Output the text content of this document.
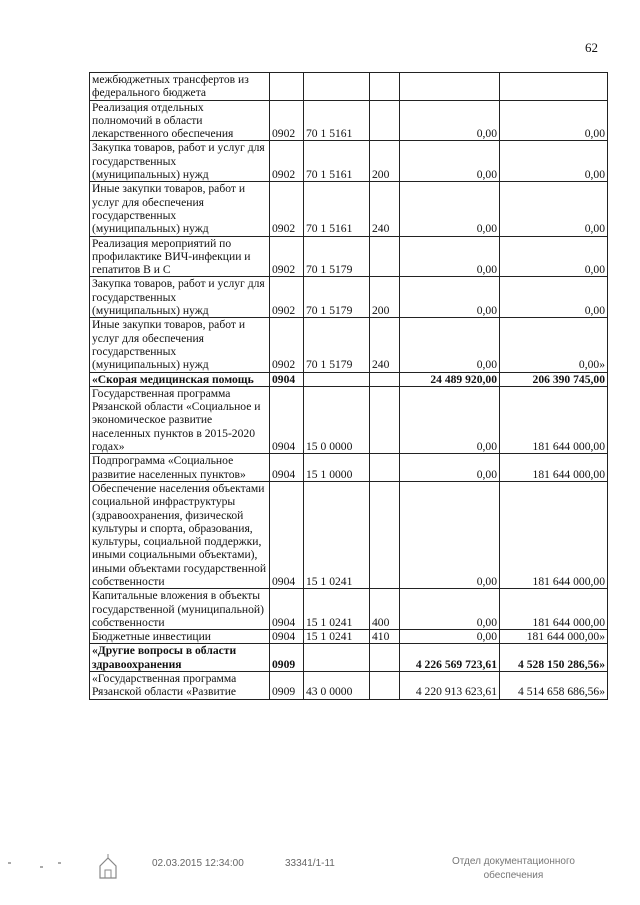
62
межбюджетных трансфертов из федерального бюджета					
Реализация отдельных полномочий в области лекарственного обеспечения	0902	70 1 5161		0,00	0,00
Закупка товаров, работ и услуг для государственных (муниципальных) нужд	0902	70 1 5161	200	0,00	0,00
Иные закупки товаров, работ и услуг для обеспечения государственных (муниципальных) нужд	0902	70 1 5161	240	0,00	0,00
Реализация мероприятий по профилактике ВИЧ-инфекции и гепатитов В и С	0902	70 1 5179		0,00	0,00
Закупка товаров, работ и услуг для государственных (муниципальных) нужд	0902	70 1 5179	200	0,00	0,00
Иные закупки товаров, работ и услуг для обеспечения государственных (муниципальных) нужд	0902	70 1 5179	240	0,00	0,00»
«Скорая медицинская помощь	0904			24 489 920,00	206 390 745,00
Государственная программа Рязанской области «Социальное и экономическое развитие населенных пунктов в 2015-2020 годах»	0904	15 0 0000		0,00	181 644 000,00
Подпрограмма «Социальное развитие населенных пунктов»	0904	15 1 0000		0,00	181 644 000,00
Обеспечение населения объектами социальной инфраструктуры (здравоохранения, физической культуры и спорта, образования, культуры, социальной поддержки, иными социальными объектами), иными объектами государственной собственности	0904	15 1 0241		0,00	181 644 000,00
Капитальные вложения в объекты государственной (муниципальной) собственности	0904	15 1 0241	400	0,00	181 644 000,00
Бюджетные инвестиции	0904	15 1 0241	410	0,00	181 644 000,00»
«Другие вопросы в области здравоохранения	0909			4 226 569 723,61	4 528 150 286,56»
«Государственная программа Рязанской области «Развитие	0909	43 0 0000		4 220 913 623,61	4 514 658 686,56»
02.03.2015 12:34:00	33341/1-11	Отдел документационного
обеспечения
